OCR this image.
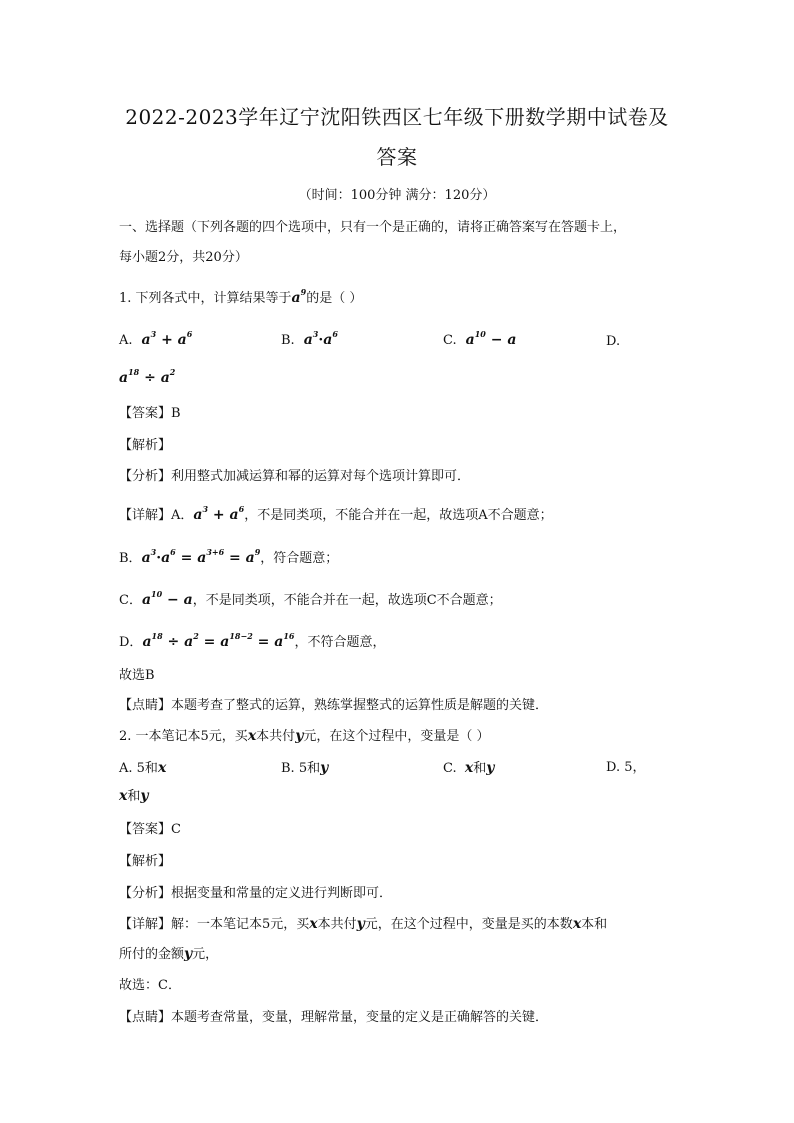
2022-2023学年辽宁沈阳铁西区七年级下册数学期中试卷及
答案
（时间：100分钟 满分：120分）
一、选择题（下列各题的四个选项中，只有一个是正确的，请将正确答案写在答题卡上，
每小题2分，共20分）
1. 下列各式中，计算结果等于$a^9$的是（ ）
A.  $a^3 + a^6$	B.  $a^3\cdot a^6$	C.  $a^{10} - a$	D.
$a^{18} \div a^2$
【答案】B
【解析】
【分析】利用整式加减运算和幂的运算对每个选项计算即可．
【详解】A．$a^3 + a^6$，不是同类项，不能合并在一起，故选项A不合题意；
B．$a^3\cdot a^6 = a^{3+6} = a^9$，符合题意；
C．$a^{10} - a$，不是同类项，不能合并在一起，故选项C不合题意；
D．$a^{18} \div a^2 = a^{18-2} = a^{16}$，不符合题意，
故选B
【点睛】本题考查了整式的运算，熟练掌握整式的运算性质是解题的关键．
2. 一本笔记本5元，买x本共付y元，在这个过程中，变量是（ ）
A. 5和x	B. 5和y	C. x和y	D. 5，
x和y
【答案】C
【解析】
【分析】根据变量和常量的定义进行判断即可．
【详解】解：一本笔记本5元，买x本共付y元，在这个过程中，变量是买的本数x本和
所付的金额y元，
故选：C．
【点睛】本题考查常量，变量，理解常量，变量的定义是正确解答的关键．
